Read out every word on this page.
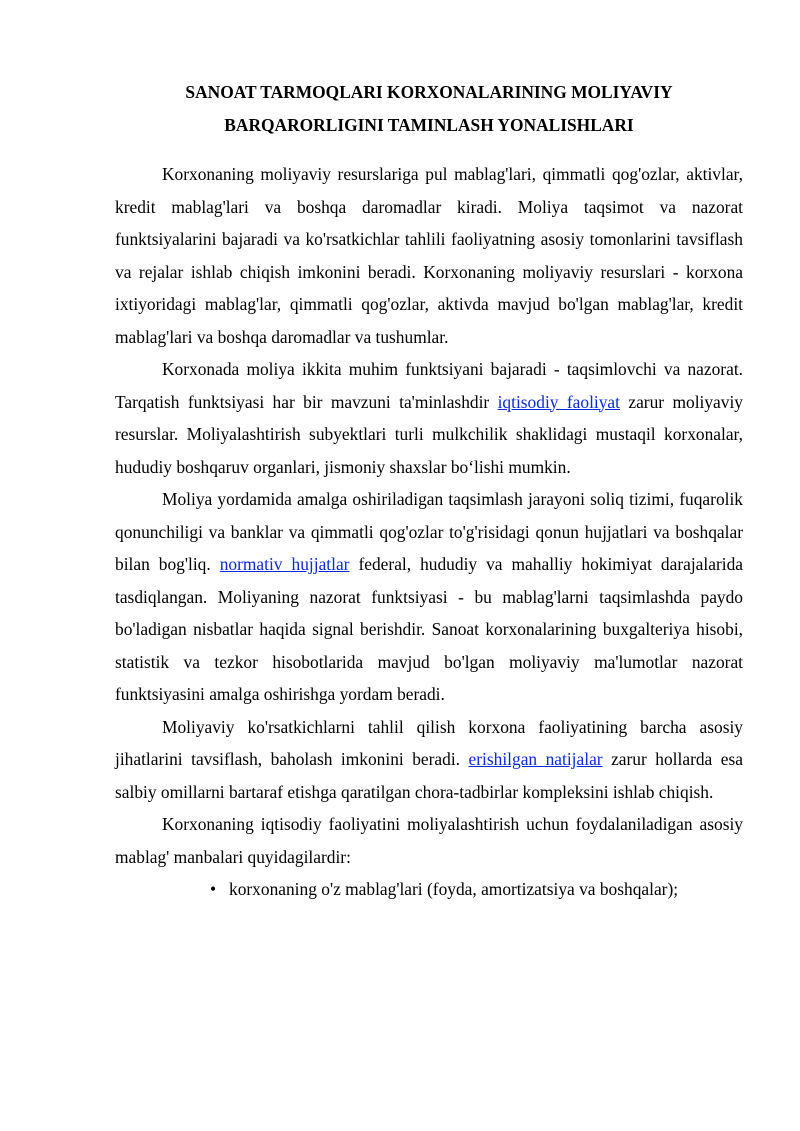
SANOAT TARMOQLARI KORXONALARINING MOLIYAVIY
BARQARORLIGINI TAMINLASH YONALISHLARI

Korxonaning moliyaviy resurslariga pul mablag'lari, qimmatli qog'ozlar, aktivlar, kredit mablag'lari va boshqa daromadlar kiradi. Moliya taqsimot va nazorat funktsiyalarini bajaradi va ko'rsatkichlar tahlili faoliyatning asosiy tomonlarini tavsiflash va rejalar ishlab chiqish imkonini beradi. Korxonaning moliyaviy resurslari - korxona ixtiyoridagi mablag'lar, qimmatli qog'ozlar, aktivda mavjud bo'lgan mablag'lar, kredit mablag'lari va boshqa daromadlar va tushumlar.

Korxonada moliya ikkita muhim funktsiyani bajaradi - taqsimlovchi va nazorat. Tarqatish funktsiyasi har bir mavzuni ta'minlashdir iqtisodiy faoliyat zarur moliyaviy resurslar. Moliyalashtirish subyektlari turli mulkchilik shaklidagi mustaqil korxonalar, hududiy boshqaruv organlari, jismoniy shaxslar bo‘lishi mumkin.

Moliya yordamida amalga oshiriladigan taqsimlash jarayoni soliq tizimi, fuqarolik qonunchiligi va banklar va qimmatli qog'ozlar to'g'risidagi qonun hujjatlari va boshqalar bilan bog'liq. normativ hujjatlar federal, hududiy va mahalliy hokimiyat darajalarida tasdiqlangan. Moliyaning nazorat funktsiyasi - bu mablag'larni taqsimlashda paydo bo'ladigan nisbatlar haqida signal berishdir. Sanoat korxonalarining buxgalteriya hisobi, statistik va tezkor hisobotlarida mavjud bo'lgan moliyaviy ma'lumotlar nazorat funktsiyasini amalga oshirishga yordam beradi.

Moliyaviy ko'rsatkichlarni tahlil qilish korxona faoliyatining barcha asosiy jihatlarini tavsiflash, baholash imkonini beradi. erishilgan natijalar zarur hollarda esa salbiy omillarni bartaraf etishga qaratilgan chora-tadbirlar kompleksini ishlab chiqish.

Korxonaning iqtisodiy faoliyatini moliyalashtirish uchun foydalaniladigan asosiy mablag' manbalari quyidagilardir:

• korxonaning o'z mablag'lari (foyda, amortizatsiya va boshqalar);
